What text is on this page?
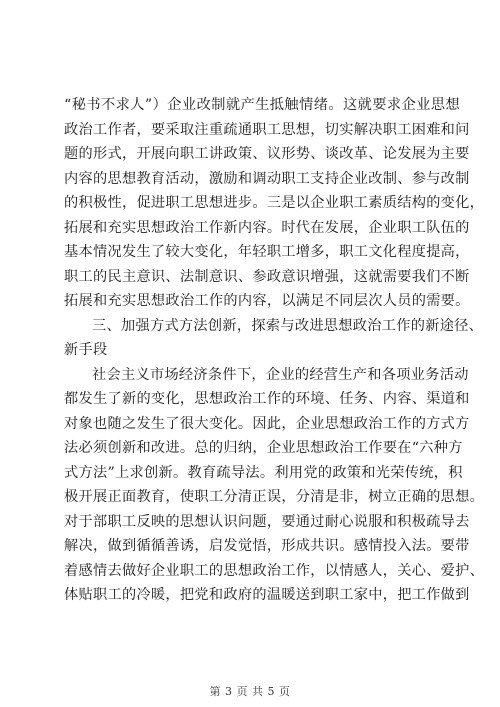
“秘书不求人”）企业改制就产生抵触情绪。这就要求企业思想
政治工作者，要采取注重疏通职工思想，切实解决职工困难和问
题的形式，开展向职工讲政策、议形势、谈改革、论发展为主要
内容的思想教育活动，激励和调动职工支持企业改制、参与改制
的积极性，促进职工思想进步。三是以企业职工素质结构的变化，
拓展和充实思想政治工作新内容。时代在发展，企业职工队伍的
基本情况发生了较大变化，年轻职工增多，职工文化程度提高，
职工的民主意识、法制意识、参政意识增强，这就需要我们不断
拓展和充实思想政治工作的内容，以满足不同层次人员的需要。
三、加强方式方法创新，探索与改进思想政治工作的新途径、
新手段
社会主义市场经济条件下，企业的经营生产和各项业务活动
都发生了新的变化，思想政治工作的环境、任务、内容、渠道和
对象也随之发生了很大变化。因此，企业思想政治工作的方式方
法必须创新和改进。总的归纳，企业思想政治工作要在“六种方
式方法”上求创新。教育疏导法。利用党的政策和光荣传统，积
极开展正面教育，使职工分清正误，分清是非，树立正确的思想。
对于部职工反映的思想认识问题，要通过耐心说服和积极疏导去
解决，做到循循善诱，启发觉悟，形成共识。感情投入法。要带
着感情去做好企业职工的思想政治工作，以情感人，关心、爱护、
体贴职工的冷暖，把党和政府的温暖送到职工家中，把工作做到
第 3 页 共 5 页
